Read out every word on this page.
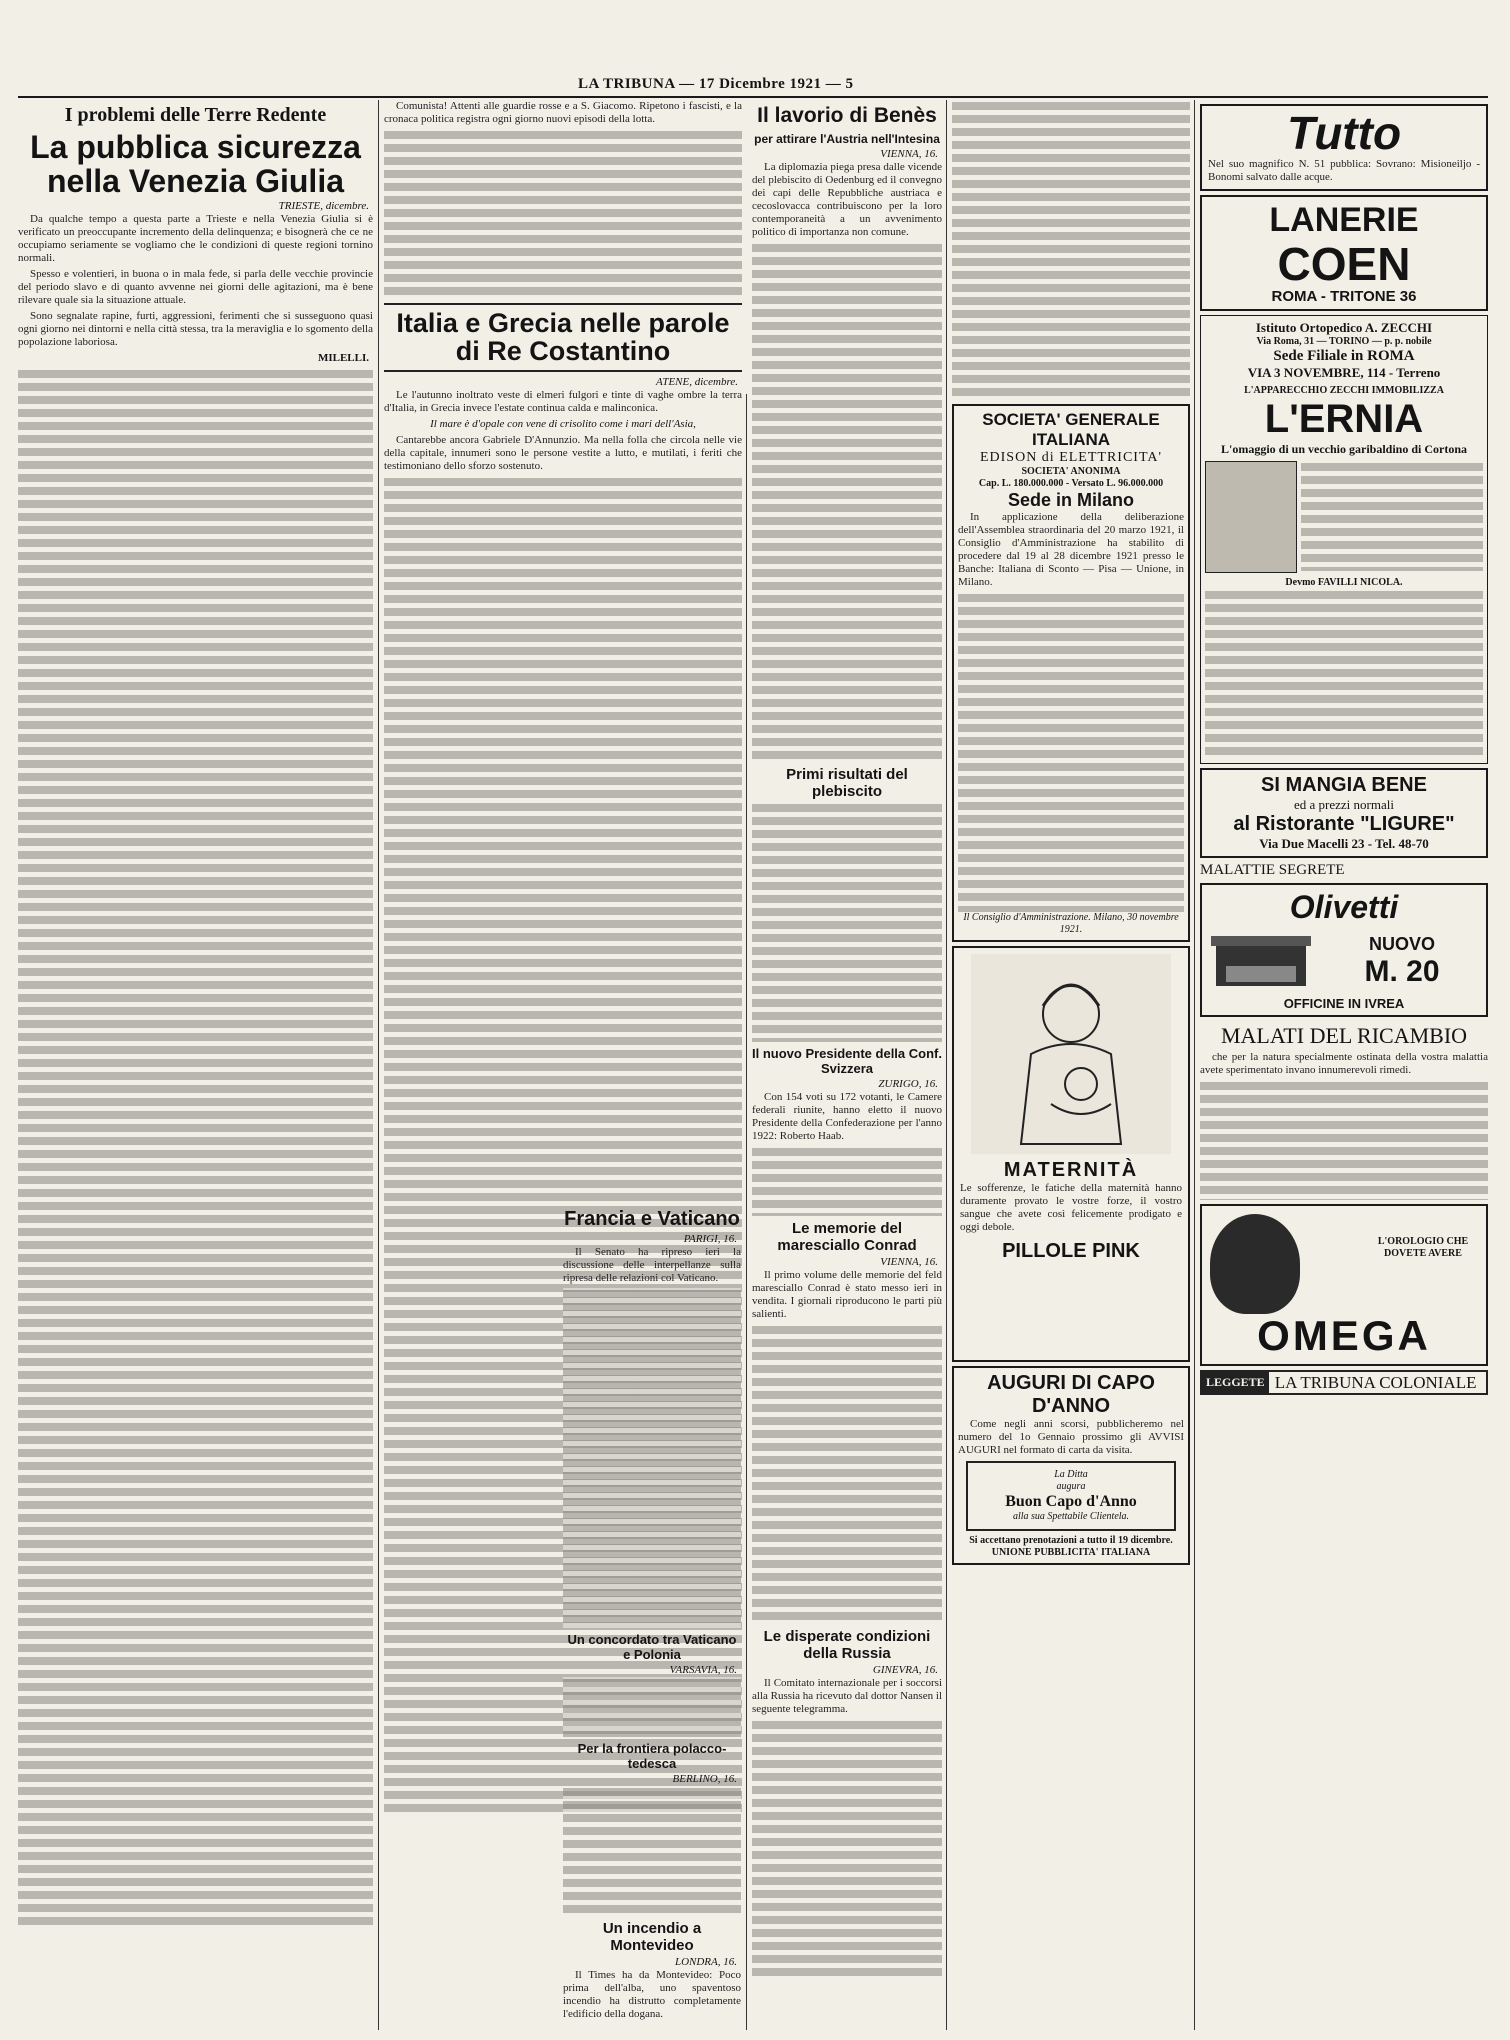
LA TRIBUNA — 17 Dicembre 1921 — 5
I problemi delle Terre Redente
La pubblica sicurezza nella Venezia Giulia
TRIESTE, dicembre.

Da qualche tempo a questa parte a Trieste e nella Venezia Giulia si è verificato un preoccupante incremento della delinquenza; e bisognerà che ce ne occupiamo seriamente se vogliamo che le condizioni di queste regioni tornino normali.

Spesso e volentieri, in buona o in mala fede, si parla delle vecchie provincie del periodo slavo e di quanto avvenne nei giorni delle agitazioni, ma è bene rilevare quale sia la situazione attuale.

Sono segnalate rapine, furti, aggressioni, ferimenti che si susseguono quasi ogni giorno nei dintorni e nella città stessa, tra la meraviglia e lo sgomento della popolazione laboriosa.

MILELLI.

Comunista! Attenti alle guardie rosse e a S. Giacomo. Ripetono i fascisti, e la cronaca politica registra ogni giorno nuovi episodi della lotta.

Italia e Grecia nelle parole di Re Costantino
ATENE, dicembre.

Le l'autunno inoltrato veste di elmeri fulgori e tinte di vaghe ombre la terra d'Italia, in Grecia invece l'estate continua calda e malinconica.

Il mare è d'opale con vene di crisolito come i mari dell'Asia,

Cantarebbe ancora Gabriele D'Annunzio. Ma nella folla che circola nelle vie della capitale, innumeri sono le persone vestite a lutto, e mutilati, i feriti che testimoniano dello sforzo sostenuto.

Il lavorio di Benès
per attirare l'Austria nell'Intesina
VIENNA, 16.

La diplomazia piega presa dalle vicende del plebiscito di Oedenburg ed il convegno dei capi delle Repubbliche austriaca e cecoslovacca contribuiscono per la loro contemporaneità a un avvenimento politico di importanza non comune.

Primi risultati del plebiscito
Il nuovo Presidente della Conf. Svizzera
ZURIGO, 16.

Con 154 voti su 172 votanti, le Camere federali riunite, hanno eletto il nuovo Presidente della Confederazione per l'anno 1922: Roberto Haab.

Le memorie del maresciallo Conrad
VIENNA, 16.

Il primo volume delle memorie del feld maresciallo Conrad è stato messo ieri in vendita. I giornali riproducono le parti più salienti.

Le disperate condizioni della Russia
GINEVRA, 16.

Il Comitato internazionale per i soccorsi alla Russia ha ricevuto dal dottor Nansen il seguente telegramma.

Francia e Vaticano
PARIGI, 16.

Il Senato ha ripreso ieri la discussione delle interpellanze sulla ripresa delle relazioni col Vaticano.

Un concordato tra Vaticano e Polonia
VARSAVIA, 16.
Per la frontiera polacco-tedesca
BERLINO, 16.
Un incendio a Montevideo
LONDRA, 16.

Il Times ha da Montevideo: Poco prima dell'alba, uno spaventoso incendio ha distrutto completamente l'edificio della dogana.

SOCIETA' GENERALE ITALIANA
EDISON di ELETTRICITA'
SOCIETA' ANONIMA
Cap. L. 180.000.000 - Versato L. 96.000.000
Sede in Milano

In applicazione della deliberazione dell'Assemblea straordinaria del 20 marzo 1921, il Consiglio d'Amministrazione ha stabilito di procedere dal 19 al 28 dicembre 1921 presso le Banche: Italiana di Sconto — Pisa — Unione, in Milano.

Il Consiglio d'Amministrazione. Milano, 30 novembre 1921.
MATERNITÀ

Le sofferenze, le fatiche della maternità hanno duramente provato le vostre forze, il vostro sangue che avete così felicemente prodigato e oggi debole.

PILLOLE PINK
AUGURI DI CAPO D'ANNO

Come negli anni scorsi, pubblicheremo nel numero del 1o Gennaio prossimo gli AVVISI AUGURI nel formato di carta da visita.

La Ditta
augura
Buon Capo d'Anno
alla sua Spettabile Clientela.
Si accettano prenotazioni a tutto il 19 dicembre.
UNIONE PUBBLICITA' ITALIANA
Tutto

Nel suo magnifico N. 51 pubblica: Sovrano: Misioneiljo - Bonomi salvato dalle acque.

LANERIE
COEN
ROMA - TRITONE 36
Istituto Ortopedico A. ZECCHI
Via Roma, 31 — TORINO — p. p. nobile
Sede Filiale in ROMA
VIA 3 NOVEMBRE, 114 - Terreno
L'APPARECCHIO ZECCHI IMMOBILIZZA
L'ERNIA
L'omaggio di un vecchio garibaldino di Cortona
Devmo FAVILLI NICOLA.
SI MANGIA BENE
ed a prezzi normali
al Ristorante "LIGURE"
Via Due Macelli 23 - Tel. 48-70
MALATTIE SEGRETE
Olivetti
NUOVO
M. 20
OFFICINE IN IVREA
MALATI DEL RICAMBIO

che per la natura specialmente ostinata della vostra malattia avete sperimentato invano innumerevoli rimedi.

L'OROLOGIO CHE DOVETE AVERE
OMEGA
LEGGETE LA TRIBUNA COLONIALE
